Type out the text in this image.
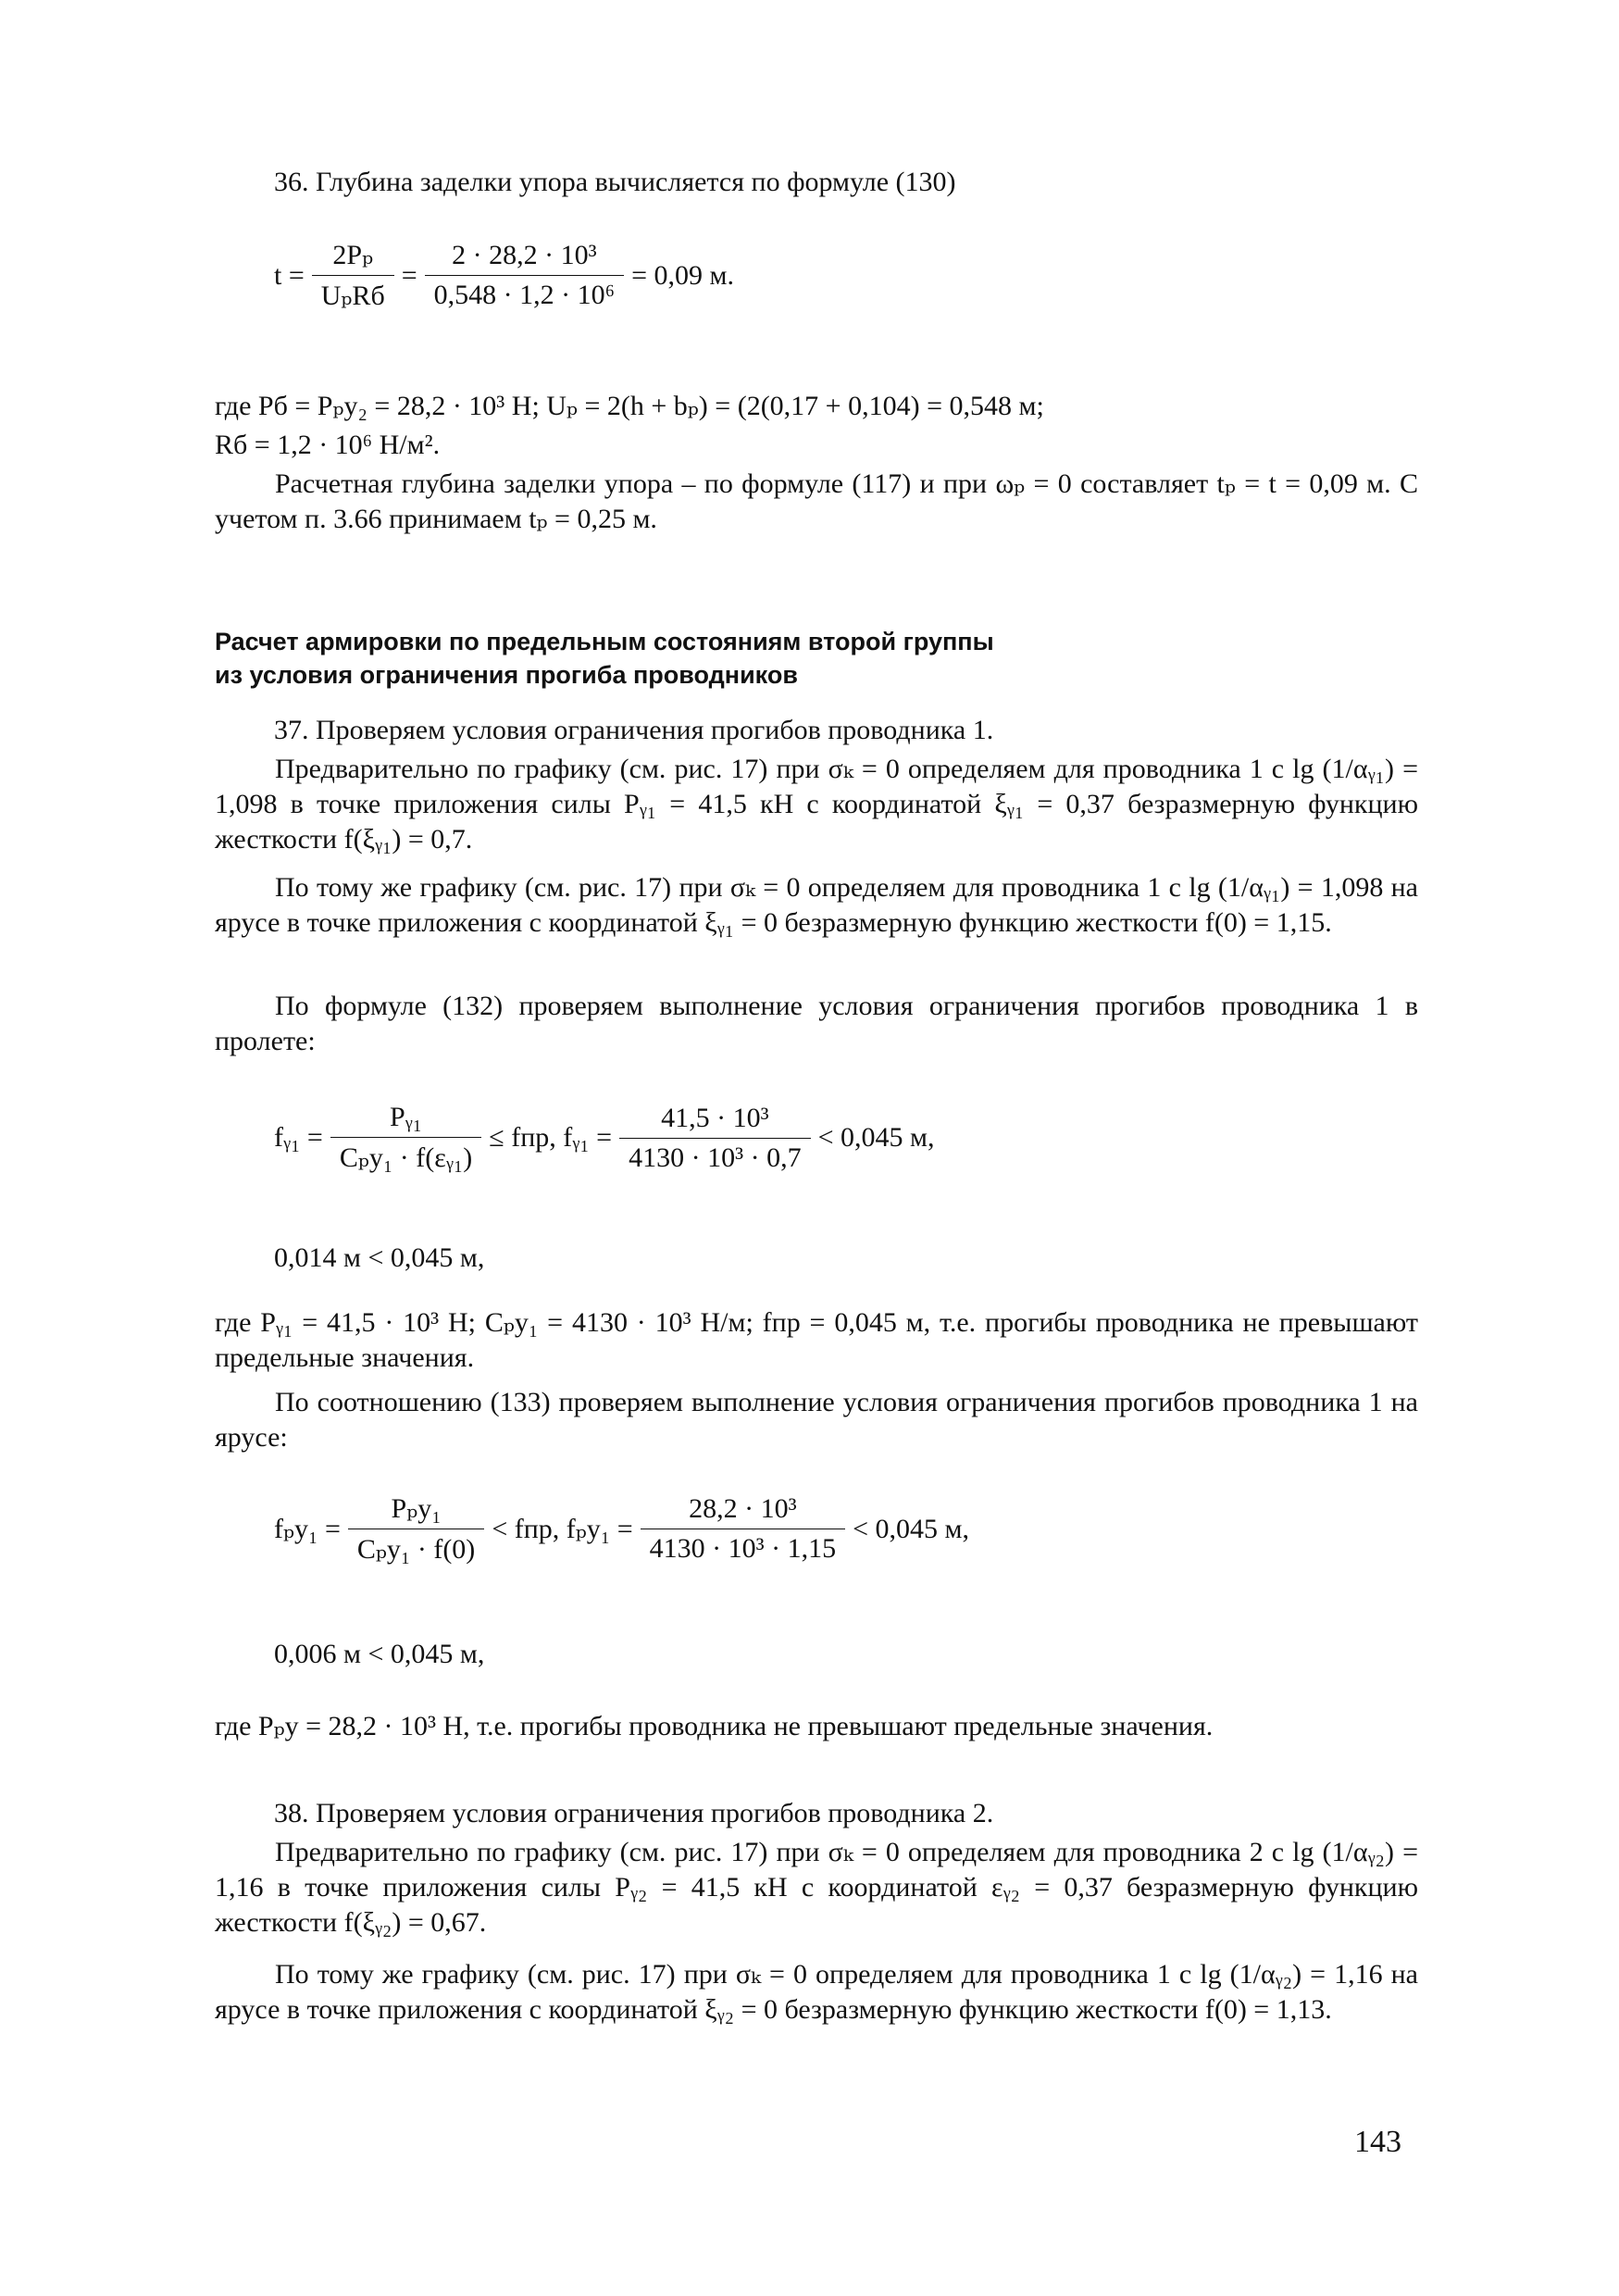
36. Глубина заделки упора вычисляется по формуле (130)
$t = \frac{\text{2Pₚ}}{\text{UₚRб}} = \frac{\text{2 · 28,2 · 10³}}{\text{0,548 · 1,2 · 10⁶}} = 0,09$ м.
где Pб = Pₚy₂ = 28,2 · 10³ Н; Uₚ = 2(h + bₚ) = (2(0,17 + 0,104) = 0,548 м;
Rб = 1,2 · 10⁶ Н/м².
Расчетная глубина заделки упора – по формуле (117) и при ωₚ = 0 составляет tₚ = t = 0,09 м. С учетом п. 3.66 принимаем tₚ = 0,25 м.
Расчет армировки по предельным состояниям второй группы
из условия ограничения прогиба проводников
37. Проверяем условия ограничения прогибов проводника 1.
Предварительно по графику (см. рис. 17) при σₖ = 0 определяем для проводника 1 с lg (1/αᵧ₁) = 1,098 в точке приложения силы Pᵧ₁ = 41,5 кН с координатой ξᵧ₁ = 0,37 безразмерную функцию жесткости f(ξᵧ₁) = 0,7.
По тому же графику (см. рис. 17) при σₖ = 0 определяем для проводника 1 с lg (1/αᵧ₁) = 1,098 на ярусе в точке приложения с координатой ξᵧ₁ = 0 безразмерную функцию жесткости f(0) = 1,15.
По формуле (132) проверяем выполнение условия ограничения прогибов проводника 1 в пролете:
fᵧ₁ = $\frac{\text{Pᵧ₁}}{\text{Cₚy₁ · f(εᵧ₁)}}$ ≤ fпр, fᵧ₁ = $\frac{\text{41,5 · 10³}}{\text{4130 · 10³ · 0,7}} < 0,045$ м,
0,014 м < 0,045 м,
где Pᵧ₁ = 41,5 · 10³ Н; Cₚy₁ = 4130 · 10³ Н/м; fпр = 0,045 м, т.е. прогибы проводника не превышают предельные значения.
По соотношению (133) проверяем выполнение условия ограничения прогибов проводника 1 на ярусе:
$f_py_1 = \frac{\text{Pₚy₁}}{\text{Cₚy₁ · f(0)}}$ < fпр, $f_py_1 = \frac{\text{28,2 · 10³}}{\text{4130 · 10³ · 1,15}} < 0,045$ м,
0,006 м < 0,045 м,
где Pₚy = 28,2 · 10³ Н, т.е. прогибы проводника не превышают предельные значения.
38. Проверяем условия ограничения прогибов проводника 2.
Предварительно по графику (см. рис. 17) при σₖ = 0 определяем для проводника 2 с lg (1/αᵧ₂) = 1,16 в точке приложения силы Pᵧ₂ = 41,5 кН с координатой εᵧ₂ = 0,37 безразмерную функцию жесткости f(ξᵧ₂) = 0,67.
По тому же графику (см. рис. 17) при σₖ = 0 определяем для проводника 1 с lg (1/αᵧ₂) = 1,16 на ярусе в точке приложения с координатой ξᵧ₂ = 0 безразмерную функцию жесткости f(0) = 1,13.
143
